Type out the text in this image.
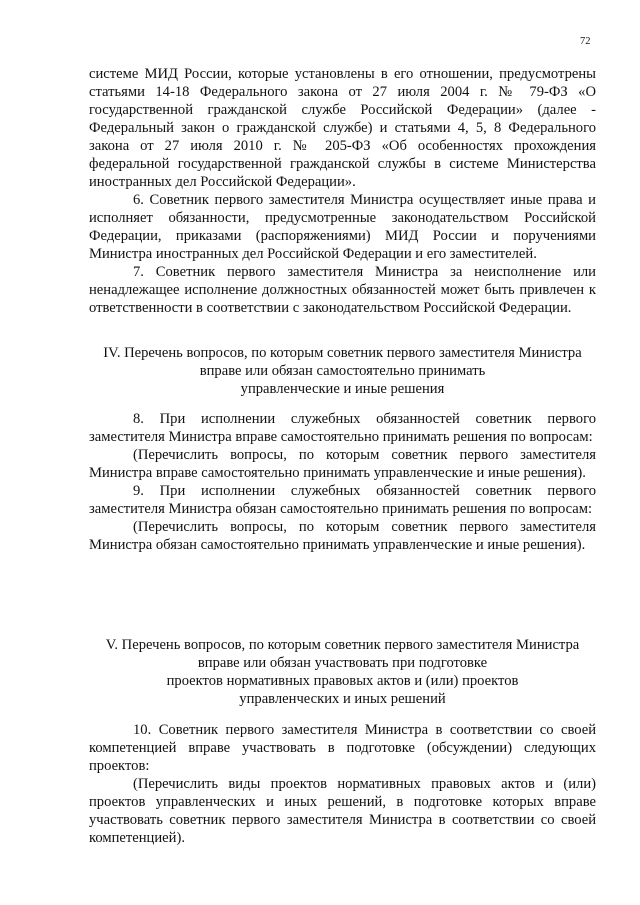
72

системе МИД России, которые установлены в его отношении, предусмотрены статьями 14-18 Федерального закона от 27 июля 2004 г. № 79-ФЗ «О государственной гражданской службе Российской Федерации» (далее - Федеральный закон о гражданской службе) и статьями 4, 5, 8 Федерального закона от 27 июля 2010 г. № 205-ФЗ «Об особенностях прохождения федеральной государственной гражданской службы в системе Министерства иностранных дел Российской Федерации».

6. Советник первого заместителя Министра осуществляет иные права и исполняет обязанности, предусмотренные законодательством Российской Федерации, приказами (распоряжениями) МИД России и поручениями Министра иностранных дел Российской Федерации и его заместителей.

7. Советник первого заместителя Министра за неисполнение или ненадлежащее исполнение должностных обязанностей может быть привлечен к ответственности в соответствии с законодательством Российской Федерации.

IV. Перечень вопросов, по которым советник первого заместителя Министра
вправе или обязан самостоятельно принимать
управленческие и иные решения

8. При исполнении служебных обязанностей советник первого заместителя Министра вправе самостоятельно принимать решения по вопросам:

(Перечислить вопросы, по которым советник первого заместителя Министра вправе самостоятельно принимать управленческие и иные решения).

9. При исполнении служебных обязанностей советник первого заместителя Министра обязан самостоятельно принимать решения по вопросам:

(Перечислить вопросы, по которым советник первого заместителя Министра обязан самостоятельно принимать управленческие и иные решения).

V. Перечень вопросов, по которым советник первого заместителя Министра
вправе или обязан участвовать при подготовке
проектов нормативных правовых актов и (или) проектов
управленческих и иных решений

10. Советник первого заместителя Министра в соответствии со своей компетенцией вправе участвовать в подготовке (обсуждении) следующих проектов:

(Перечислить виды проектов нормативных правовых актов и (или) проектов управленческих и иных решений, в подготовке которых вправе участвовать советник первого заместителя Министра в соответствии со своей компетенцией).
